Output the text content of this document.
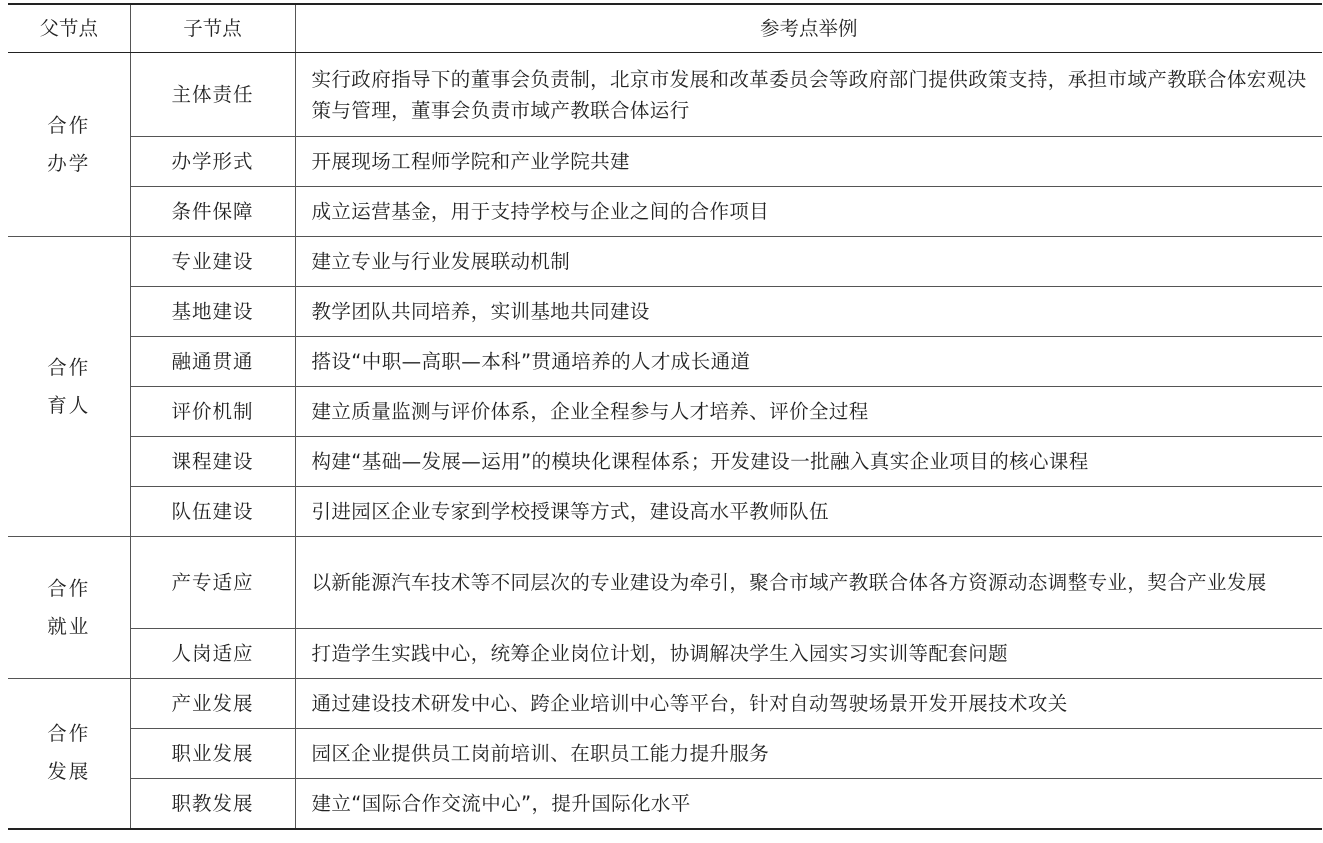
父节点	子节点	参考点举例
合作办学	主体责任	实行政府指导下的董事会负责制，北京市发展和改革委员会等政府部门提供政策支持，承担市域产教联合体宏观决策与管理，董事会负责市域产教联合体运行
	办学形式	开展现场工程师学院和产业学院共建
	条件保障	成立运营基金，用于支持学校与企业之间的合作项目
合作育人	专业建设	建立专业与行业发展联动机制
	基地建设	教学团队共同培养，实训基地共同建设
	融通贯通	搭设“中职—高职—本科”贯通培养的人才成长通道
	评价机制	建立质量监测与评价体系，企业全程参与人才培养、评价全过程
	课程建设	构建“基础—发展—运用”的模块化课程体系；开发建设一批融入真实企业项目的核心课程
	队伍建设	引进园区企业专家到学校授课等方式，建设高水平教师队伍
合作就业	产专适应	以新能源汽车技术等不同层次的专业建设为牵引，聚合市域产教联合体各方资源动态调整专业，契合产业发展
	人岗适应	打造学生实践中心，统筹企业岗位计划，协调解决学生入园实习实训等配套问题
合作发展	产业发展	通过建设技术研发中心、跨企业培训中心等平台，针对自动驾驶场景开发开展技术攻关
	职业发展	园区企业提供员工岗前培训、在职员工能力提升服务
	职教发展	建立“国际合作交流中心”，提升国际化水平
